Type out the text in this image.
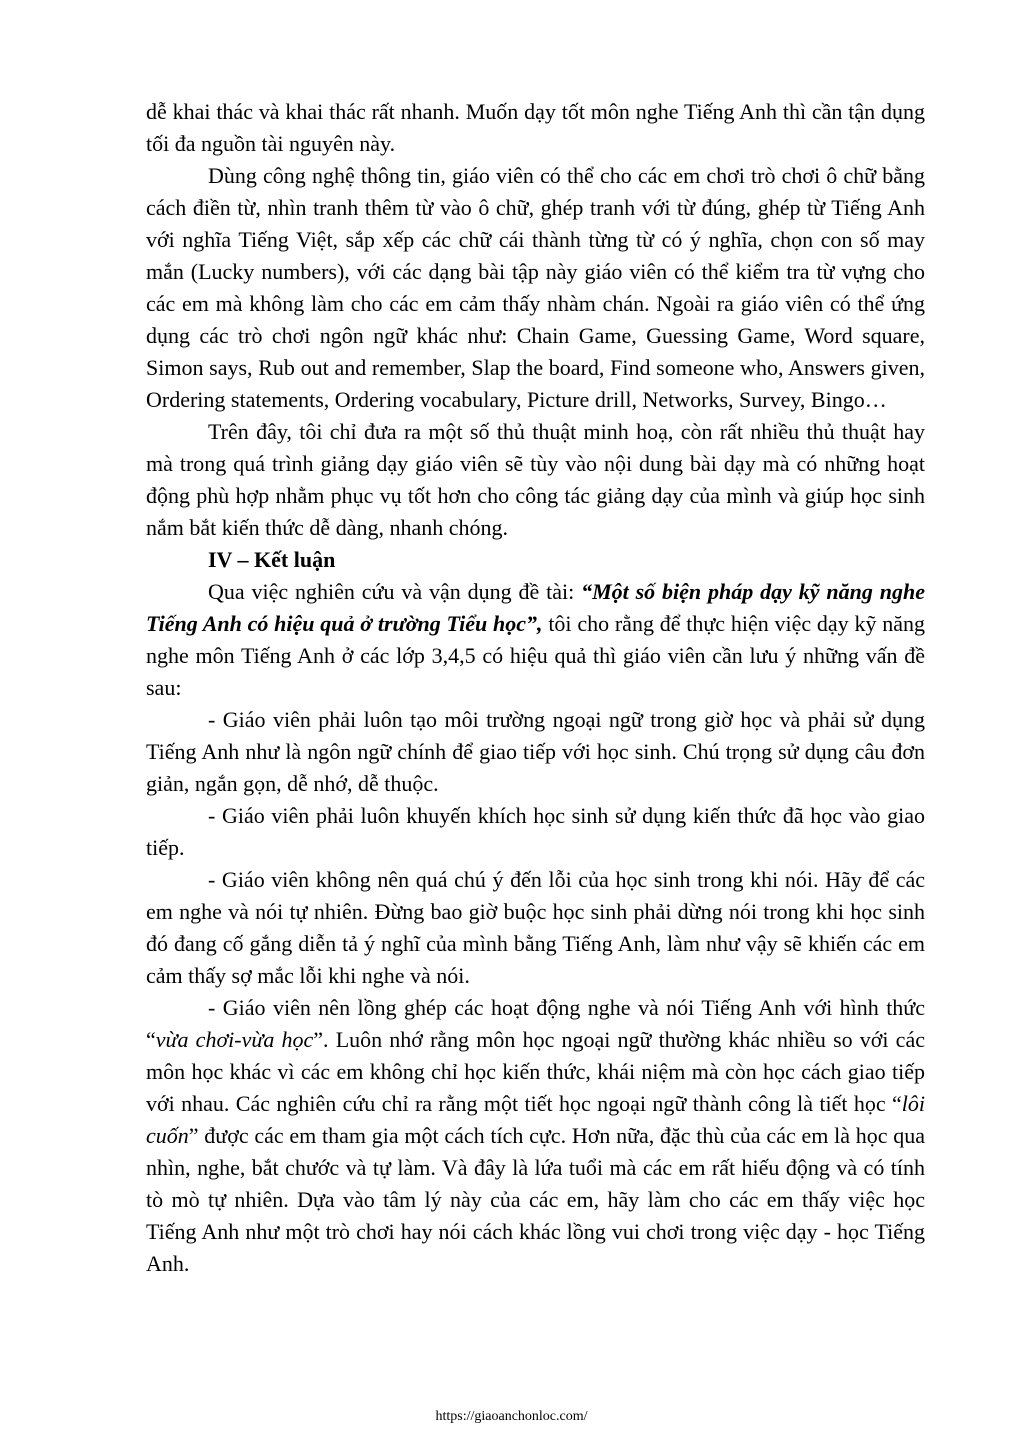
dễ khai thác và khai thác rất nhanh. Muốn dạy tốt môn nghe Tiếng Anh thì cần tận dụng tối đa nguồn tài nguyên này.

Dùng công nghệ thông tin, giáo viên có thể cho các em chơi trò chơi ô chữ bằng cách điền từ, nhìn tranh thêm từ vào ô chữ, ghép tranh với từ đúng, ghép từ Tiếng Anh với nghĩa Tiếng Việt, sắp xếp các chữ cái thành từng từ có ý nghĩa, chọn con số may mắn (Lucky numbers), với các dạng bài tập này giáo viên có thể kiểm tra từ vựng cho các em mà không làm cho các em cảm thấy nhàm chán. Ngoài ra giáo viên có thể ứng dụng các trò chơi ngôn ngữ khác như: Chain Game, Guessing Game, Word square, Simon says, Rub out and remember, Slap the board, Find someone who, Answers given, Ordering statements, Ordering vocabulary, Picture drill, Networks, Survey, Bingo…

Trên đây, tôi chỉ đưa ra một số thủ thuật minh hoạ, còn rất nhiều thủ thuật hay mà trong quá trình giảng dạy giáo viên sẽ tùy vào nội dung bài dạy mà có những hoạt động phù hợp nhằm phục vụ tốt hơn cho công tác giảng dạy của mình và giúp học sinh nắm bắt kiến thức dễ dàng, nhanh chóng.

IV – Kết luận

Qua việc nghiên cứu và vận dụng đề tài: “Một số biện pháp dạy kỹ năng nghe Tiếng Anh có hiệu quả ở trường Tiểu học”, tôi cho rằng để thực hiện việc dạy kỹ năng nghe môn Tiếng Anh ở các lớp 3,4,5 có hiệu quả thì giáo viên cần lưu ý những vấn đề sau:

- Giáo viên phải luôn tạo môi trường ngoại ngữ trong giờ học và phải sử dụng Tiếng Anh như là ngôn ngữ chính để giao tiếp với học sinh. Chú trọng sử dụng câu đơn giản, ngắn gọn, dễ nhớ, dễ thuộc.

- Giáo viên phải luôn khuyến khích học sinh sử dụng kiến thức đã học vào giao tiếp.

- Giáo viên không nên quá chú ý đến lỗi của học sinh trong khi nói. Hãy để các em nghe và nói tự nhiên. Đừng bao giờ buộc học sinh phải dừng nói trong khi học sinh đó đang cố gắng diễn tả ý nghĩ của mình bằng Tiếng Anh, làm như vậy sẽ khiến các em cảm thấy sợ mắc lỗi khi nghe và nói.

- Giáo viên nên lồng ghép các hoạt động nghe và nói Tiếng Anh với hình thức “vừa chơi-vừa học”. Luôn nhớ rằng môn học ngoại ngữ thường khác nhiều so với các môn học khác vì các em không chỉ học kiến thức, khái niệm mà còn học cách giao tiếp với nhau. Các nghiên cứu chỉ ra rằng một tiết học ngoại ngữ thành công là tiết học “lôi cuốn” được các em tham gia một cách tích cực. Hơn nữa, đặc thù của các em là học qua nhìn, nghe, bắt chước và tự làm. Và đây là lứa tuổi mà các em rất hiếu động và có tính tò mò tự nhiên. Dựa vào tâm lý này của các em, hãy làm cho các em thấy việc học Tiếng Anh như một trò chơi hay nói cách khác lồng vui chơi trong việc dạy - học Tiếng Anh.

https://giaoanchonloc.com/
